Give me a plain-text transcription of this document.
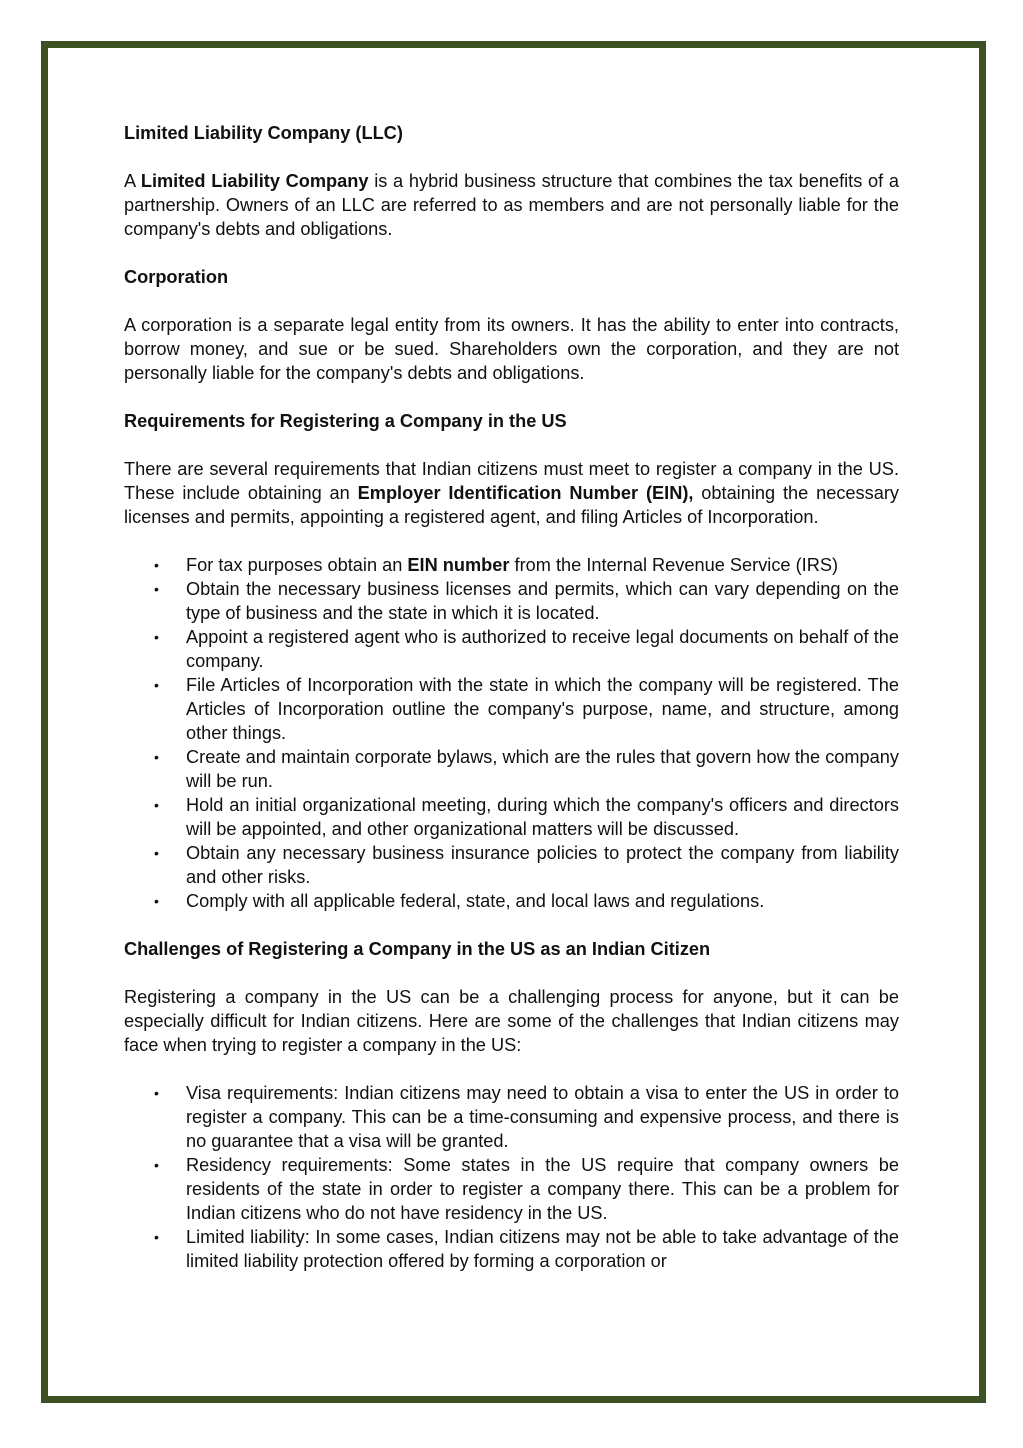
Limited Liability Company (LLC)

A Limited Liability Company is a hybrid business structure that combines the tax benefits of a partnership. Owners of an LLC are referred to as members and are not personally liable for the company's debts and obligations.

Corporation

A corporation is a separate legal entity from its owners. It has the ability to enter into contracts, borrow money, and sue or be sued. Shareholders own the corporation, and they are not personally liable for the company's debts and obligations.

Requirements for Registering a Company in the US

There are several requirements that Indian citizens must meet to register a company in the US. These include obtaining an Employer Identification Number (EIN), obtaining the necessary licenses and permits, appointing a registered agent, and filing Articles of Incorporation.

• For tax purposes obtain an EIN number from the Internal Revenue Service (IRS)
• Obtain the necessary business licenses and permits, which can vary depending on the type of business and the state in which it is located.
• Appoint a registered agent who is authorized to receive legal documents on behalf of the company.
• File Articles of Incorporation with the state in which the company will be registered. The Articles of Incorporation outline the company's purpose, name, and structure, among other things.
• Create and maintain corporate bylaws, which are the rules that govern how the company will be run.
• Hold an initial organizational meeting, during which the company's officers and directors will be appointed, and other organizational matters will be discussed.
• Obtain any necessary business insurance policies to protect the company from liability and other risks.
• Comply with all applicable federal, state, and local laws and regulations.
Challenges of Registering a Company in the US as an Indian Citizen

Registering a company in the US can be a challenging process for anyone, but it can be especially difficult for Indian citizens. Here are some of the challenges that Indian citizens may face when trying to register a company in the US:

• Visa requirements: Indian citizens may need to obtain a visa to enter the US in order to register a company. This can be a time-consuming and expensive process, and there is no guarantee that a visa will be granted.
• Residency requirements: Some states in the US require that company owners be residents of the state in order to register a company there. This can be a problem for Indian citizens who do not have residency in the US.
• Limited liability: In some cases, Indian citizens may not be able to take advantage of the limited liability protection offered by forming a corporation or
